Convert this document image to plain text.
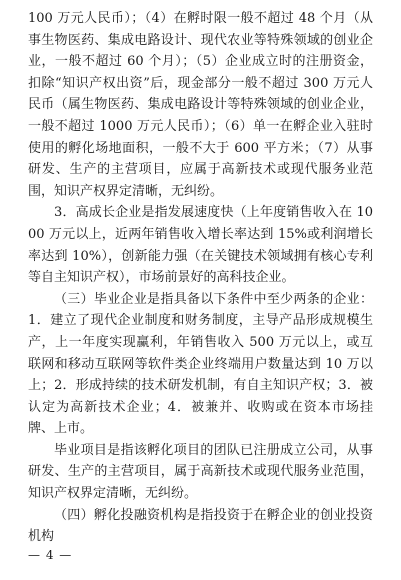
100 万元人民币）；（4）在孵时限一般不超过 48 个月（从事生物医药、集成电路设计、现代农业等特殊领域的创业企业，一般不超过 60 个月）；（5）企业成立时的注册资金，扣除“知识产权出资”后，现金部分一般不超过 300 万元人民币（属生物医药、集成电路设计等特殊领域的创业企业，一般不超过 1000 万元人民币）；（6）单一在孵企业入驻时使用的孵化场地面积，一般不大于 600 平方米；（7）从事研发、生产的主营项目，应属于高新技术或现代服务业范围，知识产权界定清晰，无纠纷。

3．高成长企业是指发展速度快（上年度销售收入在 1000 万元以上，近两年销售收入增长率达到 15%或利润增长率达到 10%），创新能力强（在关键技术领域拥有核心专利等自主知识产权），市场前景好的高科技企业。

（三）毕业企业是指具备以下条件中至少两条的企业：1．建立了现代企业制度和财务制度，主导产品形成规模生产，上一年度实现赢利，年销售收入 500 万元以上，或互联网和移动互联网等软件类企业终端用户数量达到 10 万以上；2．形成持续的技术研发机制，有自主知识产权；3．被认定为高新技术企业；4．被兼并、收购或在资本市场挂牌、上市。

毕业项目是指该孵化项目的团队已注册成立公司，从事研发、生产的主营项目，属于高新技术或现代服务业范围，知识产权界定清晰，无纠纷。

（四）孵化投融资机构是指投资于在孵企业的创业投资机构

— 4 —
